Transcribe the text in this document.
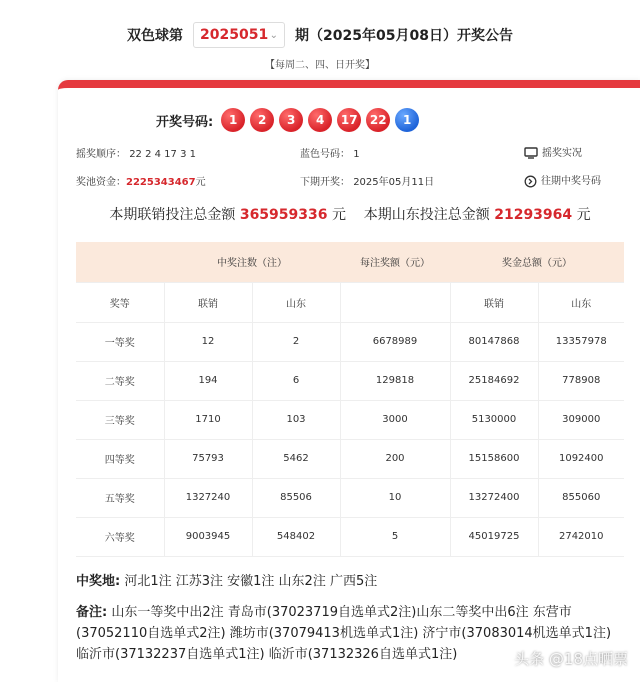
双色球第 2025051 ⌄ 期（2025年05月08日）开奖公告
【每周二、四、日开奖】
开奖号码:	1	2	3	4	17	22	1
摇奖顺序： 22 2 4 17 3 1	蓝色号码： 1	摇奖实况
奖池资金：2225343467元	下期开奖： 2025年05月11日	往期中奖号码
本期联销投注总金额 365959336 元 本期山东投注总金额 21293964 元
	中奖注数（注）		每注奖额（元）	奖金总额（元）	
奖等	联销	山东		联销	山东
一等奖	12	2	6678989	80147868	13357978
二等奖	194	6	129818	25184692	778908
三等奖	1710	103	3000	5130000	309000
四等奖	75793	5462	200	15158600	1092400
五等奖	1327240	85506	10	13272400	855060
六等奖	9003945	548402	5	45019725	2742010
中奖地: 河北1注 江苏3注 安徽1注 山东2注 广西5注
备注: 山东一等奖中出2注 青岛市(37023719自选单式2注)山东二等奖中出6注 东营市(37052110自选单式2注) 潍坊市(37079413机选单式1注) 济宁市(37083014机选单式1注) 临沂市(37132237自选单式1注) 临沂市(37132326自选单式1注)	头条 @18点晒票
